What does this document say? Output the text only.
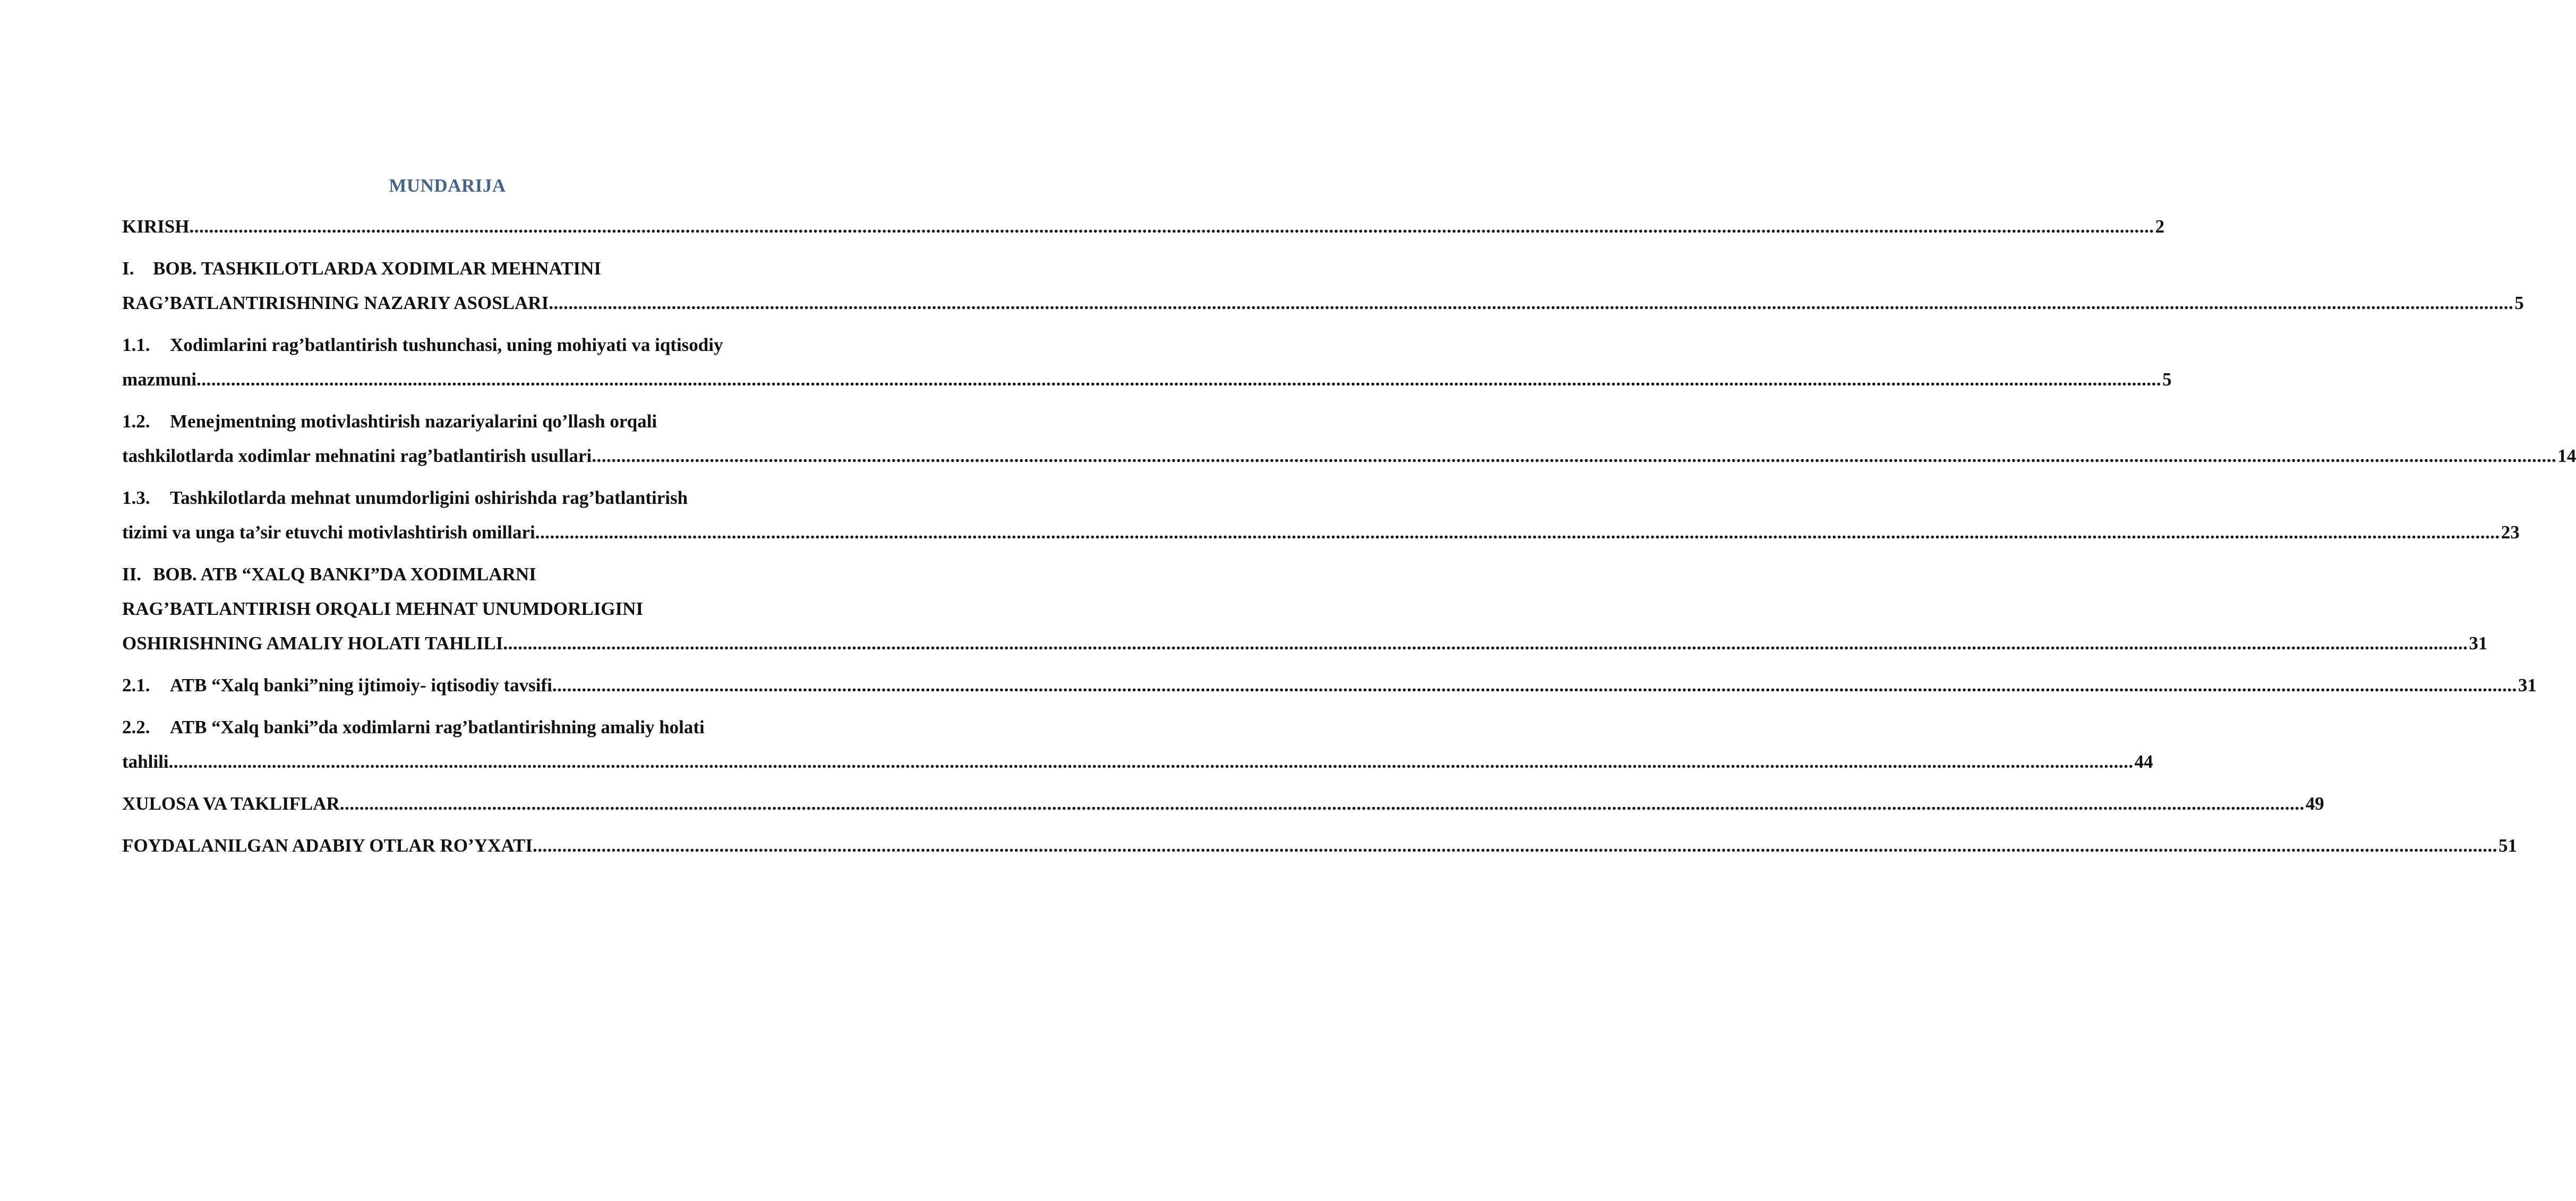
MUNDARIJA
KIRISH ................................................................................................................................................................................................................................................................................................................................................................................................................ 2
I. BOB. TASHKILOTLARDA XODIMLAR MEHNATINI
RAG’BATLANTIRISHNING NAZARIY ASOSLARI ................................................................................................................................................................................................................................................................................................................................................................................................................ 5
1.1. Xodimlarini rag’batlantirish tushunchasi, uning mohiyati va iqtisodiy
mazmuni ................................................................................................................................................................................................................................................................................................................................................................................................................ 5
1.2. Menejmentning motivlashtirish nazariyalarini qo’llash orqali
tashkilotlarda xodimlar mehnatini rag’batlantirish usullari ................................................................................................................................................................................................................................................................................................................................................................................................................ 14
1.3. Tashkilotlarda mehnat unumdorligini oshirishda rag’batlantirish
tizimi va unga ta’sir etuvchi motivlashtirish omillari ................................................................................................................................................................................................................................................................................................................................................................................................................ 23
II. BOB. ATB “XALQ BANKI”DA XODIMLARNI
RAG’BATLANTIRISH ORQALI MEHNAT UNUMDORLIGINI
OSHIRISHNING AMALIY HOLATI TAHLILI ................................................................................................................................................................................................................................................................................................................................................................................................................ 31
2.1. ATB “Xalq banki”ning ijtimoiy- iqtisodiy tavsifi ................................................................................................................................................................................................................................................................................................................................................................................................................ 31
2.2. ATB “Xalq banki”da xodimlarni rag’batlantirishning amaliy holati
tahlili ................................................................................................................................................................................................................................................................................................................................................................................................................ 44
XULOSA VA TAKLIFLAR ................................................................................................................................................................................................................................................................................................................................................................................................................ 49
FOYDALANILGAN ADABIY OTLAR RO’YXATI ................................................................................................................................................................................................................................................................................................................................................................................................................ 51
